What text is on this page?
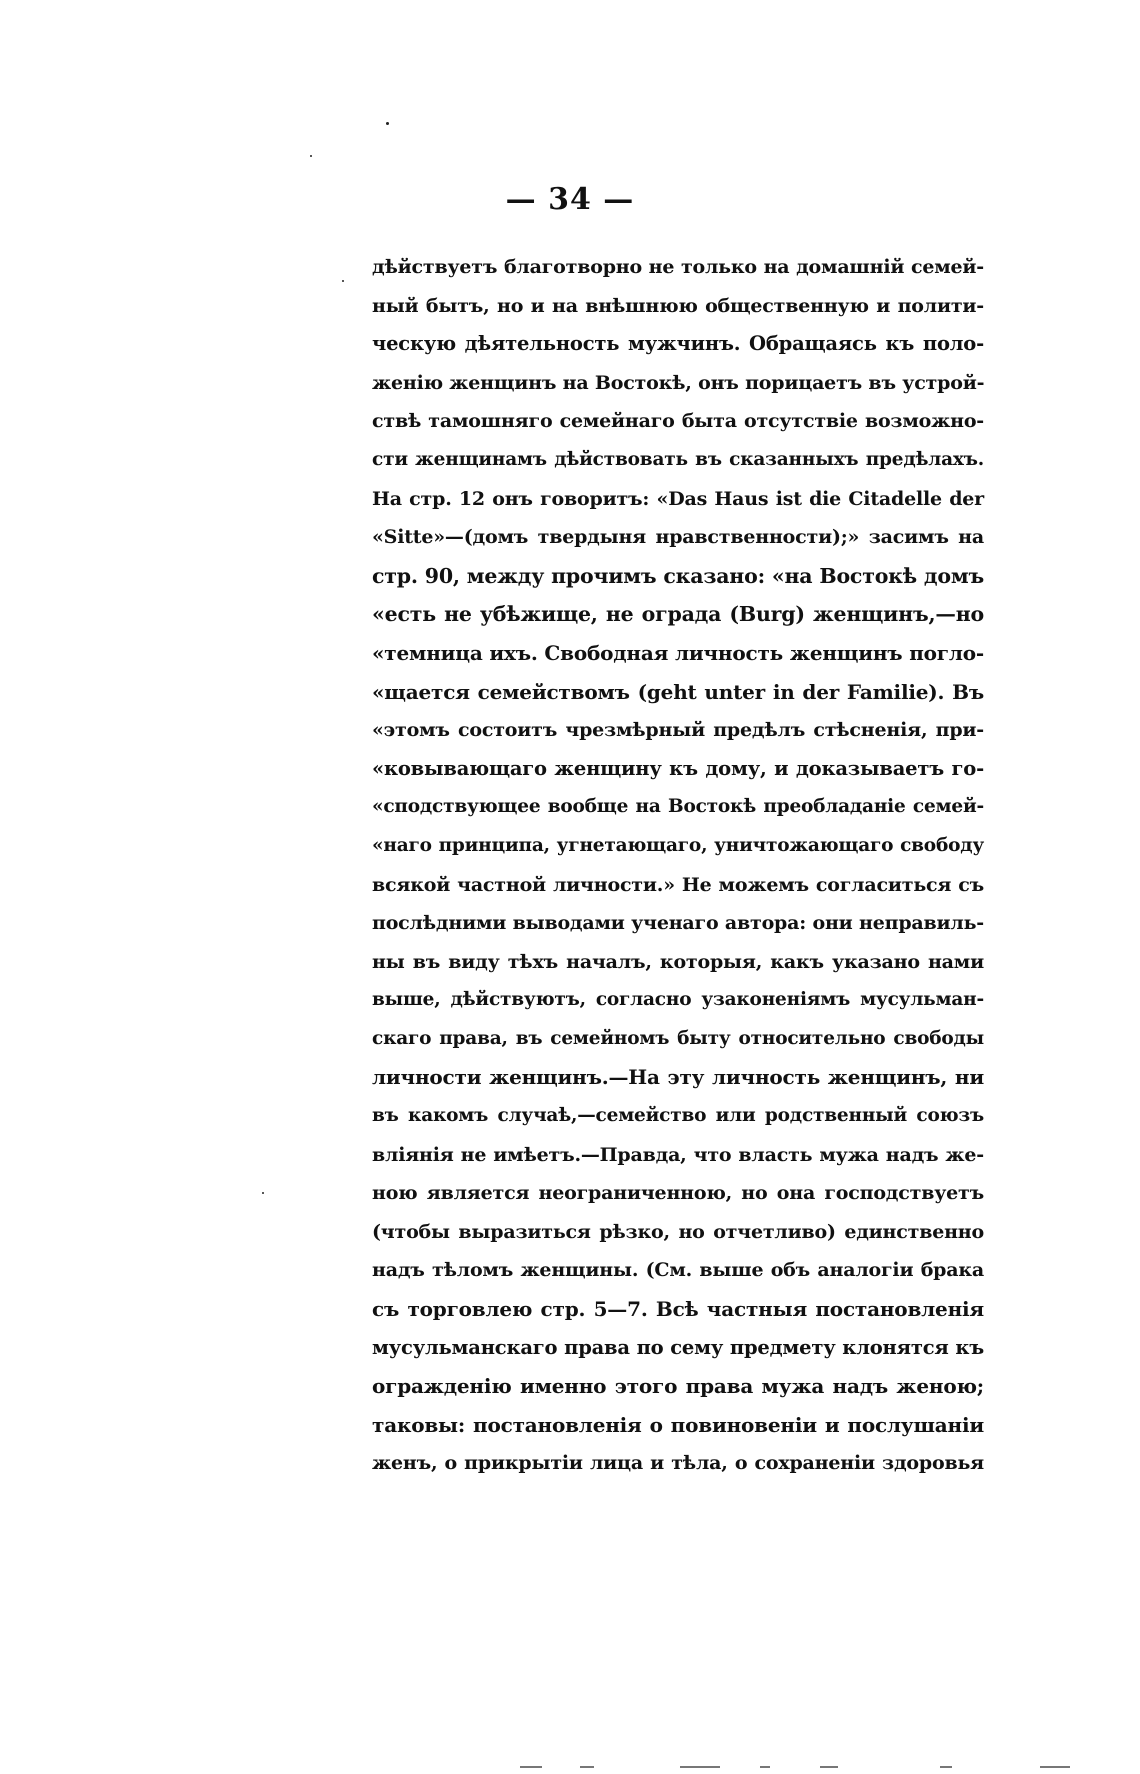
— 34 —
дѣйствуетъ благотворно не только на домашній семей-
ный бытъ, но и на внѣшнюю общественную и полити-
ческую дѣятельность мужчинъ. Обращаясь къ поло-
женію женщинъ на Востокѣ, онъ порицаетъ въ устрой-
ствѣ тамошняго семейнаго быта отсутствіе возможно-
сти женщинамъ дѣйствовать въ сказанныхъ предѣлахъ.
На стр. 12 онъ говоритъ: «Das Haus ist die Citadelle der
«Sitte»—(домъ твердыня нравственности);» засимъ на
стр. 90, между прочимъ сказано: «на Востокѣ домъ
«есть не убѣжище, не ограда (Burg) женщинъ,—но
«темница ихъ. Свободная личность женщинъ погло-
«щается семействомъ (geht unter in der Familie). Въ
«этомъ состоитъ чрезмѣрный предѣлъ стѣсненія, при-
«ковывающаго женщину къ дому, и доказываетъ го-
«сподствующее вообще на Востокѣ преобладаніе семей-
«наго принципа, угнетающаго, уничтожающаго свободу
всякой частной личности.» Не можемъ согласиться съ
послѣдними выводами ученаго автора: они неправиль-
ны въ виду тѣхъ началъ, которыя, какъ указано нами
выше, дѣйствуютъ, согласно узаконеніямъ мусульман-
скаго права, въ семейномъ быту относительно свободы
личности женщинъ.—На эту личность женщинъ, ни
въ какомъ случаѣ,—семейство или родственный союзъ
вліянія не имѣетъ.—Правда, что власть мужа надъ же-
ною является неограниченною, но она господствуетъ
(чтобы выразиться рѣзко, но отчетливо) единственно
надъ тѣломъ женщины. (См. выше объ аналогіи брака
съ торговлею стр. 5—7. Всѣ частныя постановленія
мусульманскаго права по сему предмету клонятся къ
огражденію именно этого права мужа надъ женою;
таковы: постановленія о повиновеніи и послушаніи
женъ, о прикрытіи лица и тѣла, о сохраненіи здоровья
